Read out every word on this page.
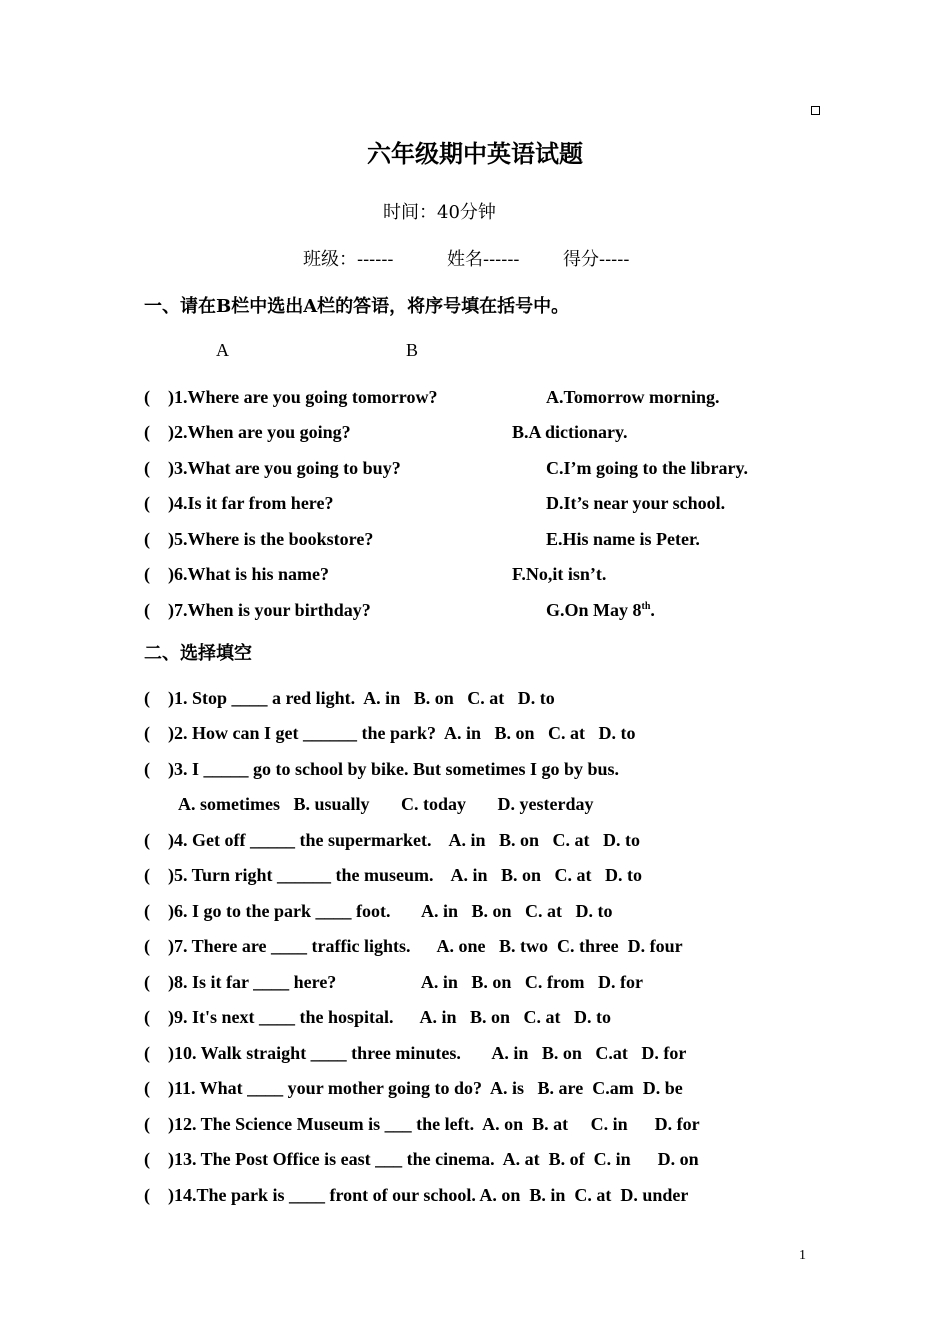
六年级期中英语试题
时间：40分钟
班级：------	姓名------ 得分-----
一、请在B栏中选出A栏的答语，将序号填在括号中。
A	B
( )1.Where are you going tomorrow?	A.Tomorrow morning.
( )2.When are you going?	B.A dictionary.
( )3.What are you going to buy?	C.I’m going to the library.
( )4.Is it far from here?	D.It’s near your school.
( )5.Where is the bookstore?	E.His name is Peter.
( )6.What is his name?	F.No,it isn’t.
( )7.When is your birthday?	G.On May 8th.
二、选择填空
( )1. Stop ____ a red light.  A. in   B. on   C. at   D. to
( )2. How can I get ______ the park?  A. in   B. on   C. at   D. to
( )3. I _____ go to school by bike. But sometimes I go by bus.
A. sometimes   B. usually       C. today       D. yesterday
( )4. Get off _____ the supermarket.    A. in   B. on   C. at   D. to
( )5. Turn right ______ the museum.    A. in   B. on   C. at   D. to
( )6. I go to the park ____ foot.       A. in   B. on   C. at   D. to
( )7. There are ____ traffic lights.      A. one   B. two  C. three  D. four
( )8. Is it far ____ here?                   A. in   B. on   C. from   D. for
( )9. It's next ____ the hospital.      A. in   B. on   C. at   D. to
( )10. Walk straight ____ three minutes.       A. in   B. on   C.at   D. for
( )11. What ____ your mother going to do?  A. is   B. are  C.am  D. be
( )12. The Science Museum is ___ the left.  A. on  B. at     C. in      D. for
( )13. The Post Office is east ___ the cinema.  A. at  B. of  C. in      D. on
( )14.The park is ____ front of our school. A. on  B. in  C. at  D. under
1
